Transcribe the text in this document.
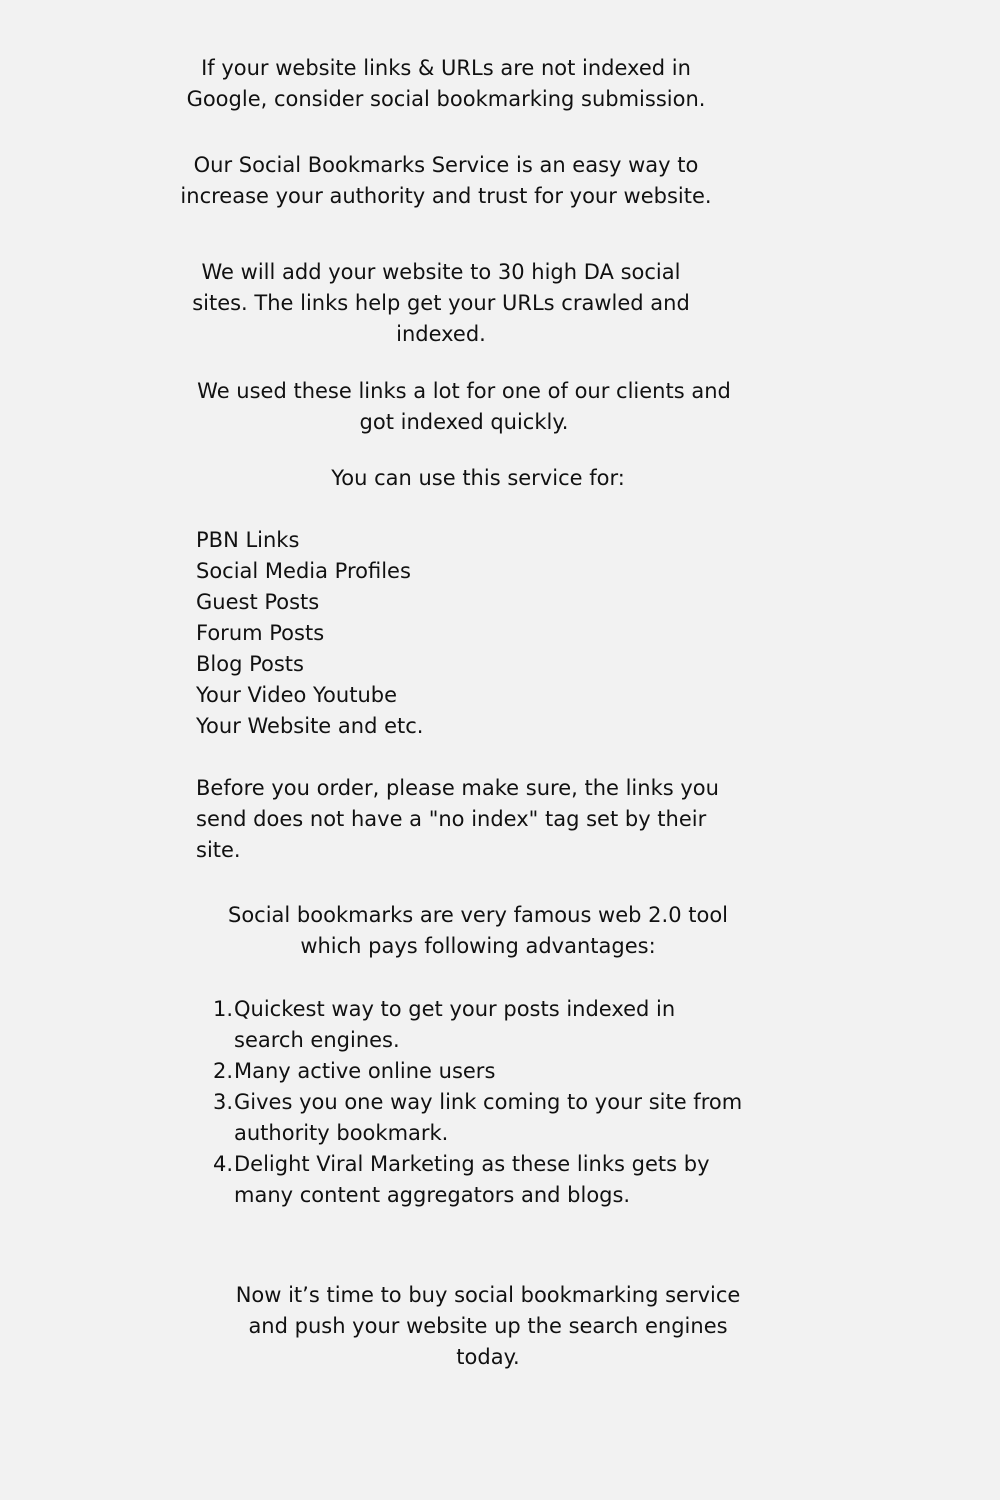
If your website links & URLs are not indexed in
Google, consider social bookmarking submission.

Our Social Bookmarks Service is an easy way to
increase your authority and trust for your website.

We will add your website to 30 high DA social
sites. The links help get your URLs crawled and
indexed.

We used these links a lot for one of our clients and
got indexed quickly.

You can use this service for:

PBN Links
Social Media Profiles
Guest Posts
Forum Posts
Blog Posts
Your Video Youtube
Your Website and etc.

Before you order, please make sure, the links you
send does not have a "no index" tag set by their
site.

Social bookmarks are very famous web 2.0 tool
which pays following advantages:

1. Quickest way to get your posts indexed in
search engines.
2. Many active online users
3. Gives you one way link coming to your site from
authority bookmark.
4. Delight Viral Marketing as these links gets by
many content aggregators and blogs.

Now it’s time to buy social bookmarking service
and push your website up the search engines
today.
